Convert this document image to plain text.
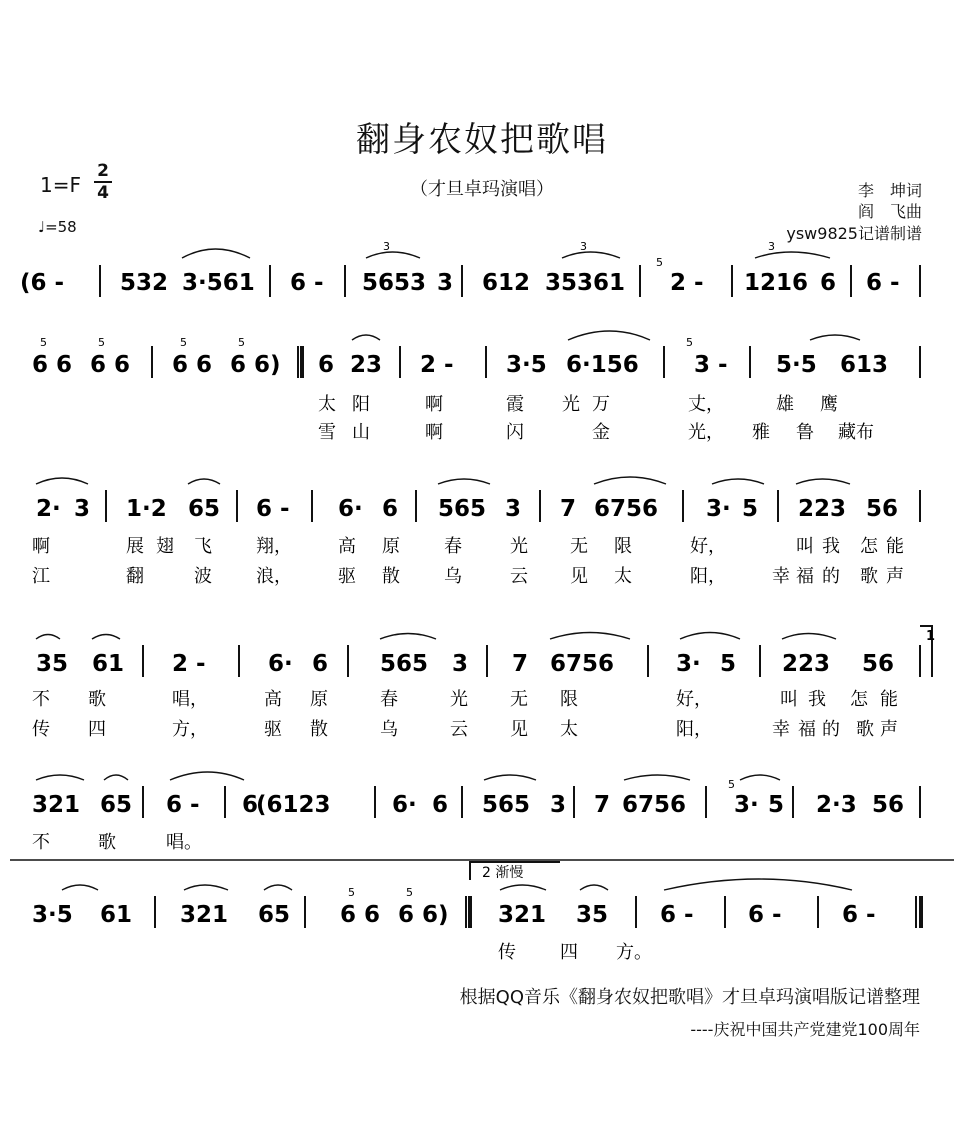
翻身农奴把歌唱
（才旦卓玛演唱）
1=F
2
4
♩=58
李　坤词
阎　飞曲
ysw9825记谱制谱
(6 - 532 3·561 6 - 5653 3 612 35361 2 - 1216 6 6 -
3	3	3
5
6 6 6 6 6 6 6 6) 6 23 2 - 3·5 6·156 3 - 5·5 613
5	5	5	5	5
太 阳	啊	霞 光 万	丈，	雄 鹰
雪 山	啊	闪	金	光， 雅 鲁 藏布
2· 3 1·2 65 6 - 6· 6 565 3 7 6756 3· 5 223 56
啊	展 翅 飞 翔，	高 原 春	光 无 限	好，	叫 我 怎 能
江	翻	波 浪，	驱 散 乌	云 见 太	阳，	幸 福 的 歌 声
35 61 2 -	6· 6 565 3 7 6756	3· 5 223 56
1
不 歌	唱，	高 原	春	光 无 限	好，	叫 我 怎 能
传 四	方，	驱 散	乌	云 见 太	阳，	幸 福 的 歌 声
321 65 6 - 6
(6123	6· 6 565 3 7 6756 3· 5 2·3 56
5
不	歌	唱。
2 渐慢
3·5 61 321 65 6 6 6 6) 321 35 6 - 6 -	6 -
5	5
传 四 方。
根据QQ音乐《翻身农奴把歌唱》才旦卓玛演唱版记谱整理
----庆祝中国共产党建党100周年
